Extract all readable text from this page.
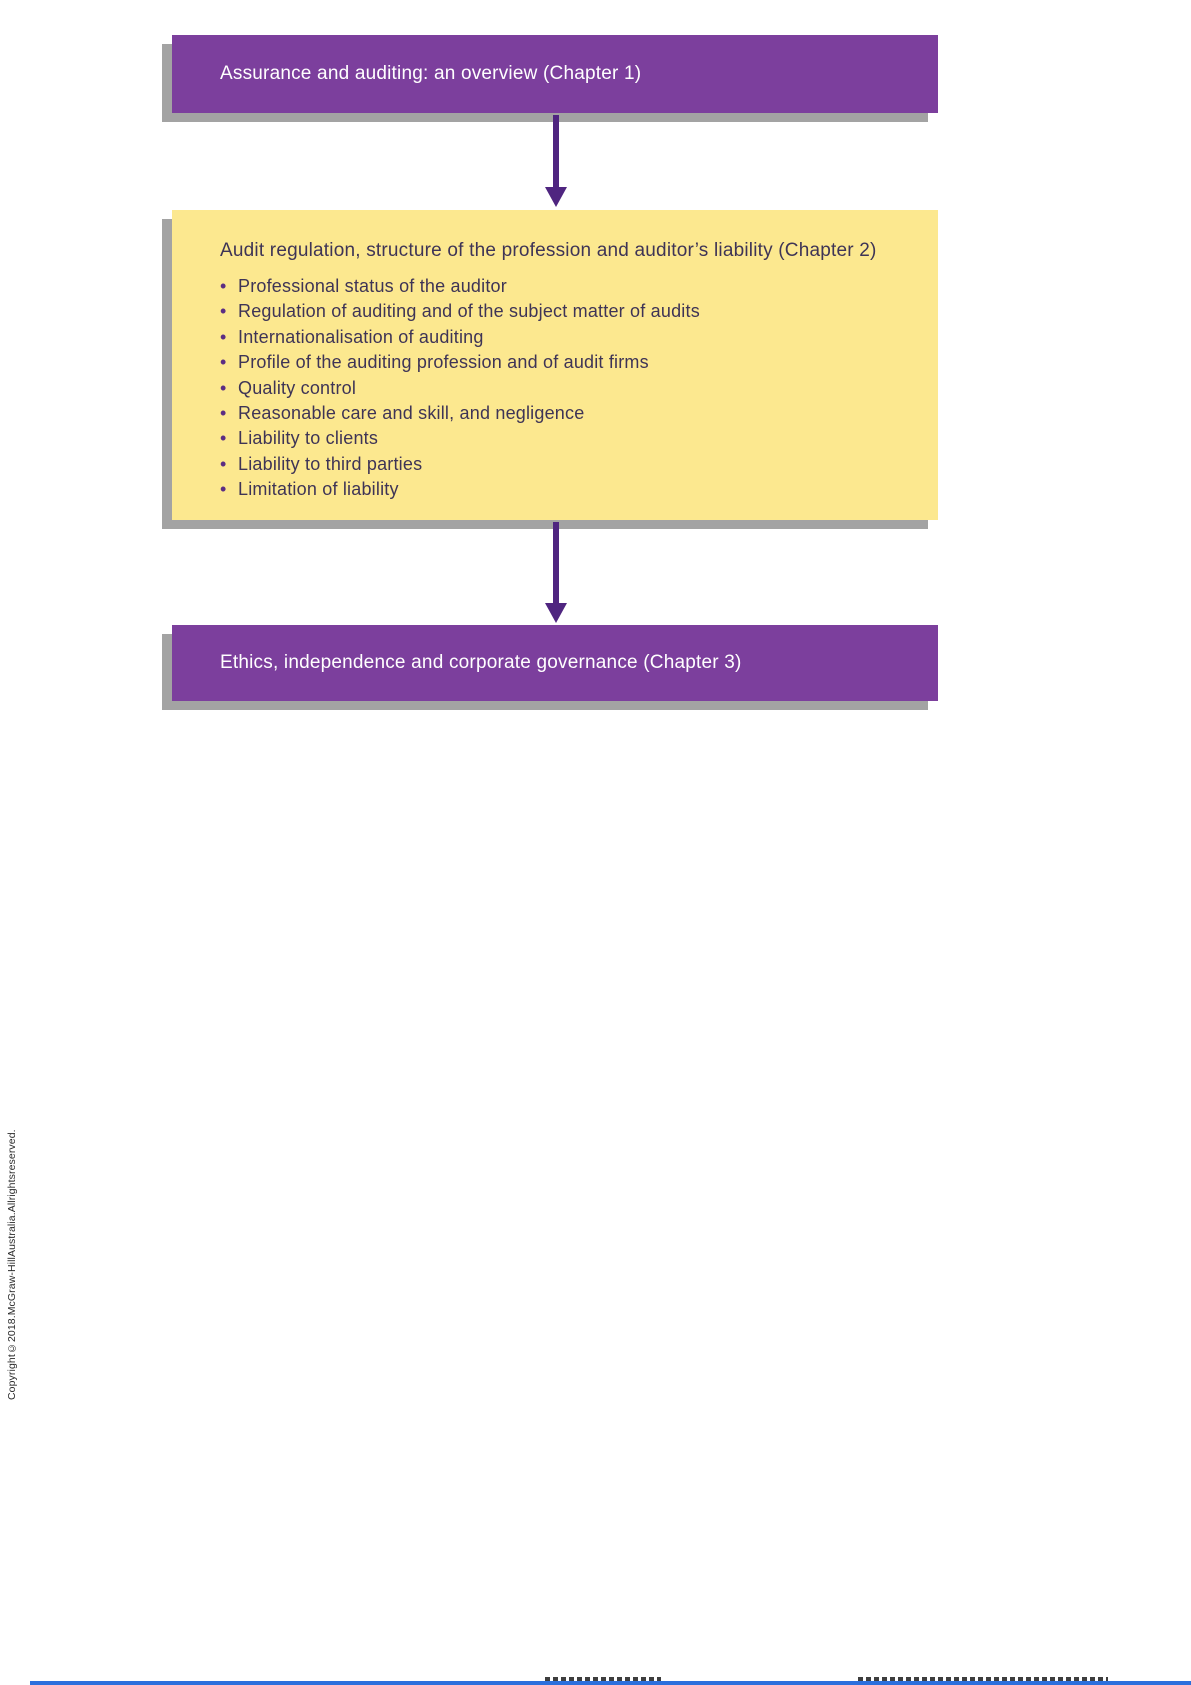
Assurance and auditing: an overview (Chapter 1)
Audit regulation, structure of the profession and auditor’s liability (Chapter 2)
• Professional status of the auditor
• Regulation of auditing and of the subject matter of audits
• Internationalisation of auditing
• Profile of the auditing profession and of audit firms
• Quality control
• Reasonable care and skill, and negligence
• Liability to clients
• Liability to third parties
• Limitation of liability
Ethics, independence and corporate governance (Chapter 3)
Copyright©2018.McGraw-HillAustralia.Allrightsreserved.
